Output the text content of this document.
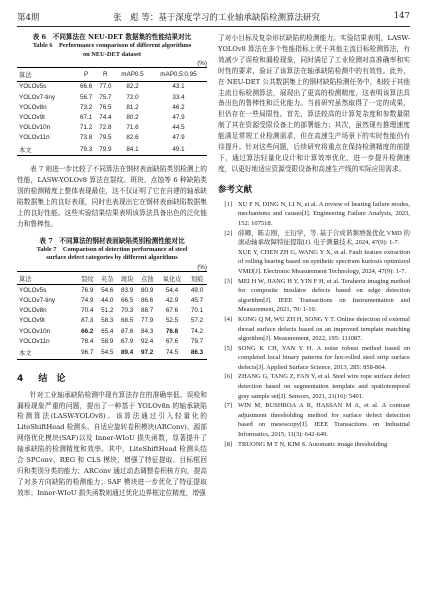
第4期	张　彪 等：基于深度学习的工业轴承缺陷检测算法研究	147
表 6　不同算法在 NEU-DET 数据集的性能结果对比
Table 6　Performance comparison of different algorithms
on NEU-DET dataset
(%)
算法	P	R	mAP0.5	mAP0.5:0.95
YOLOv5s	66.6	77.0	82.2	43.1
YOLOv7-tiny	56.7	75.7	72.0	33.4
YOLOv8n	73.2	76.5	81.2	46.2
YOLOv9t	67.1	74.4	80.2	47.9
YOLOv10n	71.2	72.8	71.6	44.5
YOLOv11n	73.8	79.5	82.6	47.9
本文	79.3	79.9	84.1	49.1
表 7 则进一步比较了不同算法在钢材表面缺陷类别检测上的性能，LASW-YOLOv8 算法在裂纹、斑块、点蚀等 6 种缺陷类别的检测精度上整体表现最佳，这不仅证明了它在自建的轴承缺陷数据集上的良好表现，同时也表现出它在钢材表面缺陷数据集上的良好性能。这些实验结果结果表明该算法具备出色的泛化能力和鲁棒性。
表 7　不同算法的钢材表面缺陷类别检测性能对比
Table 7　Comparison of detection performance of steel
surface defect categories by different algorithms
(%)
算法	裂纹	夹杂	斑块	点蚀	氧化皮	划痕
YOLOv5s	76.9	54.6	83.9	80.9	54.4	49.0
YOLOv7-tiny	74.9	44.0	66.5	86.6	42.9	45.7
YOLOv8n	70.4	51.2	70.3	88.7	67.6	70.1
YOLOv9t	87.3	58.3	68.5	77.9	52.5	57.2
YOLOv10n	66.2	65.4	87.6	84.3	76.8	74.2
YOLOv11n	78.4	58.9	67.9	92.4	67.6	79.7
本文	96.7	54.5	89.4	97.2	74.5	86.3
4 结　论
针对工业轴承缺陷检测中现有算法存在的准确率低、误检和漏检现象严重的问题，提出了一种基于 YOLOv8n 的轴承缺陷检测算法(LASW-YOLOv8)。该算法通过引入轻量化的 LiteShiftHead 检测头、自适应旋转卷积模块(ARConv)、源部网络优化模块(SAF)以及 Inner-WIoU 损失函数，显著提升了轴承缺陷的检测精度和效率。其中，LiteShiftHead 检测头结合 SPConv、REG 和 CLS 模块，增强了特征提取、目标框回归和类别分类的能力；ARConv 通过动态调整卷积核方向，提高了对多方向缺陷的检测能力；SAF 模块进一步优化了特征提取效率；Inner-WIoU 损失函数则通过优化边界框定位精度，增强
了对小目标及复杂形状缺陷的检测能力。实验结果表明，LASW-YOLOv8 算法在多个性能指标上优于其他主流目标检测算法，有效减少了误检和漏检现象，同时满足了工业检测对高准确率和实时性的要求，验证了该算法在轴承缺陷检测中的有效性。此外，在 NEU-DET 公共数据集上的钢材缺陷检测任务中，相较于其他主流目标检测算法，展现出了更高的检测精度，这表明该算法具备出色的鲁棒性和泛化能力。当前研究虽然取得了一定的成果，但仍存在一些局限性。首先，算法较高的计算复杂度和参数量限制了其在资源受限设备上的部署能力；其次，虽然现有推理速度能满足常规工业检测需求，但在高速生产场景下的实时性能仍有待提升。针对这些问题，后续研究将重点在保持检测精度的前提下，通过算法轻量化设计和计算效率优化，进一步提升检测速度，以更好地适应资源受限设备和高速生产线的实际应用需求。
参考文献
[1] XU F N, DING N, LI N, et al. A review of bearing failure modes, mechanisms and causes[J]. Engineering Failure Analysis, 2023, 152: 107518.
[2] 薛卿，陈志刚，王衍学，等. 基于合成谐频增强优化 VMD 的滚动轴承故障特征提取[J]. 电子测量技术, 2024, 47(9): 1-7.
XUE Y, CHEN ZH G, WANG Y X, et al. Fault feature extraction of rolling bearing based on synthetic spectrum kurtosis optimized VMD[J]. Electronic Measurement Technology, 2024, 47(9): 1-7.
[3] MEI H W, JIANG H Y, YIN F H, et al. Terahertz imaging method for composite insulator defects based on edge detection algorithm[J]. IEEE Transactions on Instrumentation and Measurement, 2021, 70: 1-10.
[4] KONG Q M, WU ZH H, SONG Y T. Online detection of external thread surface defects based on an improved template matching algorithm[J]. Measurement, 2022, 195: 111087.
[5] SONG K CH, YAN Y H. A noise robust method based on completed local binary patterns for hot-rolled steel strip surface defects[J]. Applied Surface Science, 2013, 285: 858-864.
[6] ZHANG G, TANG Z, FAN Y, et al. Steel wire rope surface defect detection based on segmentation template and spatiotemporal gray sample set[J]. Sensors, 2021, 21(16): 5401.
[7] WIN M, BUSHROA A R, HASSAN M A, et al. A contrast adjustment thresholding method for surface defect detection based on mesoscopy[J]. IEEE Transactions on Industrial Informatics, 2015, 11(3): 642-649.
[8] TRUONG M T N, KIM S. Automatic image thresholding
